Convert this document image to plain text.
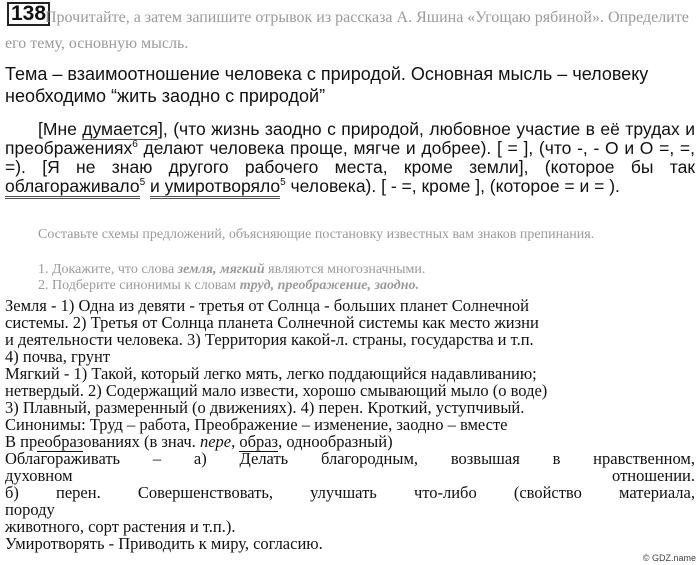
138
Прочитайте, а затем запишите отрывок из рассказа А. Яшина «Угощаю рябиной». Определите его тему, основную мысль.
Тема – взаимоотношение человека с природой. Основная мысль – человеку
необходимо “жить заодно с природой”
[Мне думается], (что жизнь заодно с природой, любовное участие в её трудах и преображениях$^6$ делают человека проще, мягче и добрее). [ = ], (что -, - О и О =, =, =). [Я не знаю другого рабочего места, кроме земли], (которое бы так облагораживало$^5$ и умиротворяло$^5$ человека). [ - =, кроме ], (которое = и = ).
Составьте схемы предложений, объясняющие постановку известных вам знаков препинания.
1. Докажите, что слова земля, мягкий являются многозначными.
2. Подберите синонимы к словам труд, преображение, заодно.
Земля - 1) Одна из девяти - третья от Солнца - больших планет Солнечной
системы. 2) Третья от Солнца планета Солнечной системы как место жизни
и деятельности человека. 3) Территория какой-л. страны, государства и т.п.
4) почва, грунт
Мягкий - 1) Такой, который легко мять, легко поддающийся надавливанию;
нетвердый. 2) Содержащий мало извести, хорошо смывающий мыло (о воде)
3) Плавный, размеренный (о движениях). 4) перен. Кроткий, уступчивый.
Синонимы: Труд – работа, Преображение – изменение, заодно – вместе
В преобразованиях (в знач. пере, образ, однообразный)
Облагораживать – а) Делать благородным, возвышая в нравственном,
духовном	отношении.
б) перен. Совершенствовать, улучшать что-либо (свойство материала,
породу
животного, сорт растения и т.п.).
Умиротворять - Приводить к миру, согласию.
© GDZ.name
